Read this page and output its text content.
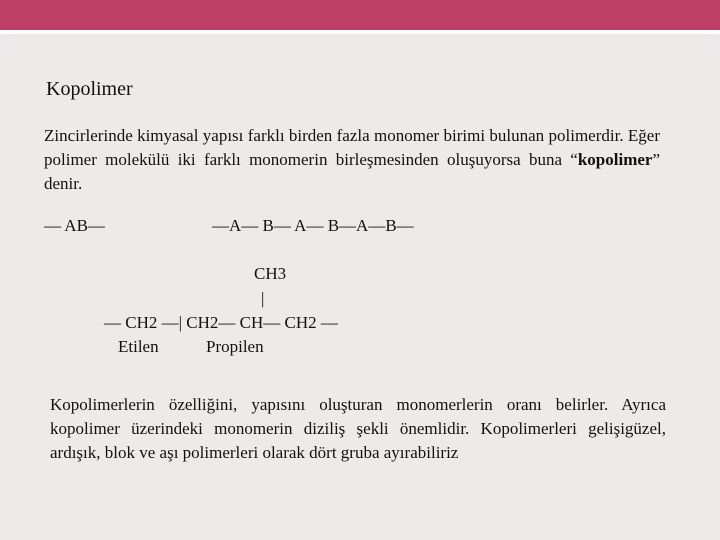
Kopolimer

Zincirlerinde kimyasal yapısı farklı birden fazla monomer birimi bulunan polimerdir. Eğer polimer molekülü iki farklı monomerin birleşmesinden oluşuyorsa buna “kopolimer” denir.

— AB—	—A— B— A— B—A—B—

CH3

|

— CH2 —| CH2— CH— CH2 —

Etilen	Propilen

Kopolimerlerin özelliğini, yapısını oluşturan monomerlerin oranı belirler. Ayrıca kopolimer üzerindeki monomerin diziliş şekli önemlidir. Kopolimerleri gelişigüzel, ardışık, blok ve aşı polimerleri olarak dört gruba ayırabiliriz
